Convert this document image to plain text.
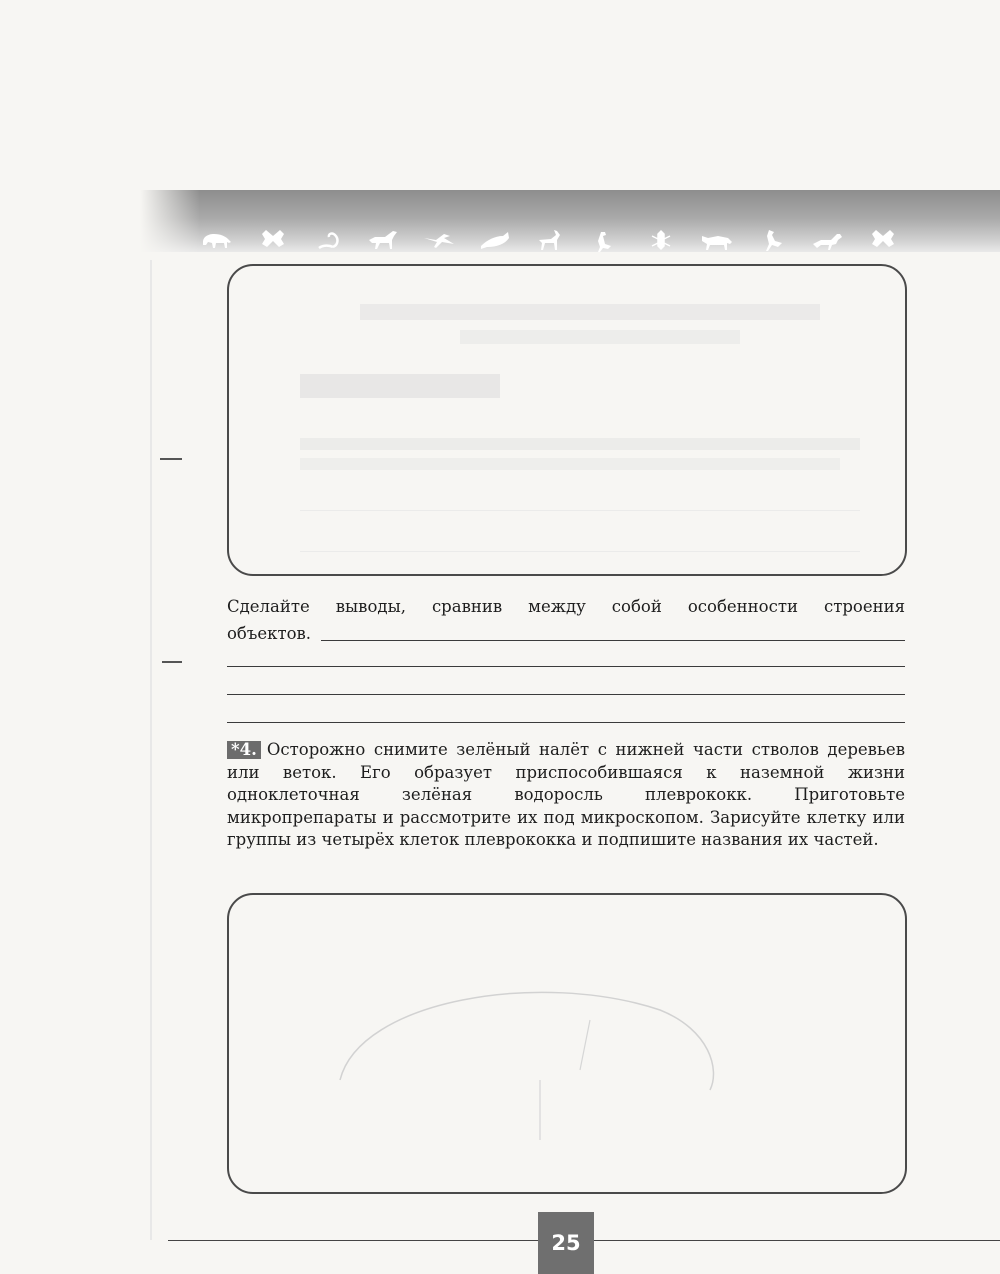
Сделайте выводы, сравнив между собой особенности строения
объектов.
*4. Осторожно снимите зелёный налёт с нижней части стволов деревьев или веток. Его образует приспособившаяся к наземной жизни одноклеточная зелёная водоросль плеврококк. Приготовьте микропрепараты и рассмотрите их под микроскопом. Зарисуйте клетку или группы из четырёх клеток плеврококка и подпишите названия их частей.
25
